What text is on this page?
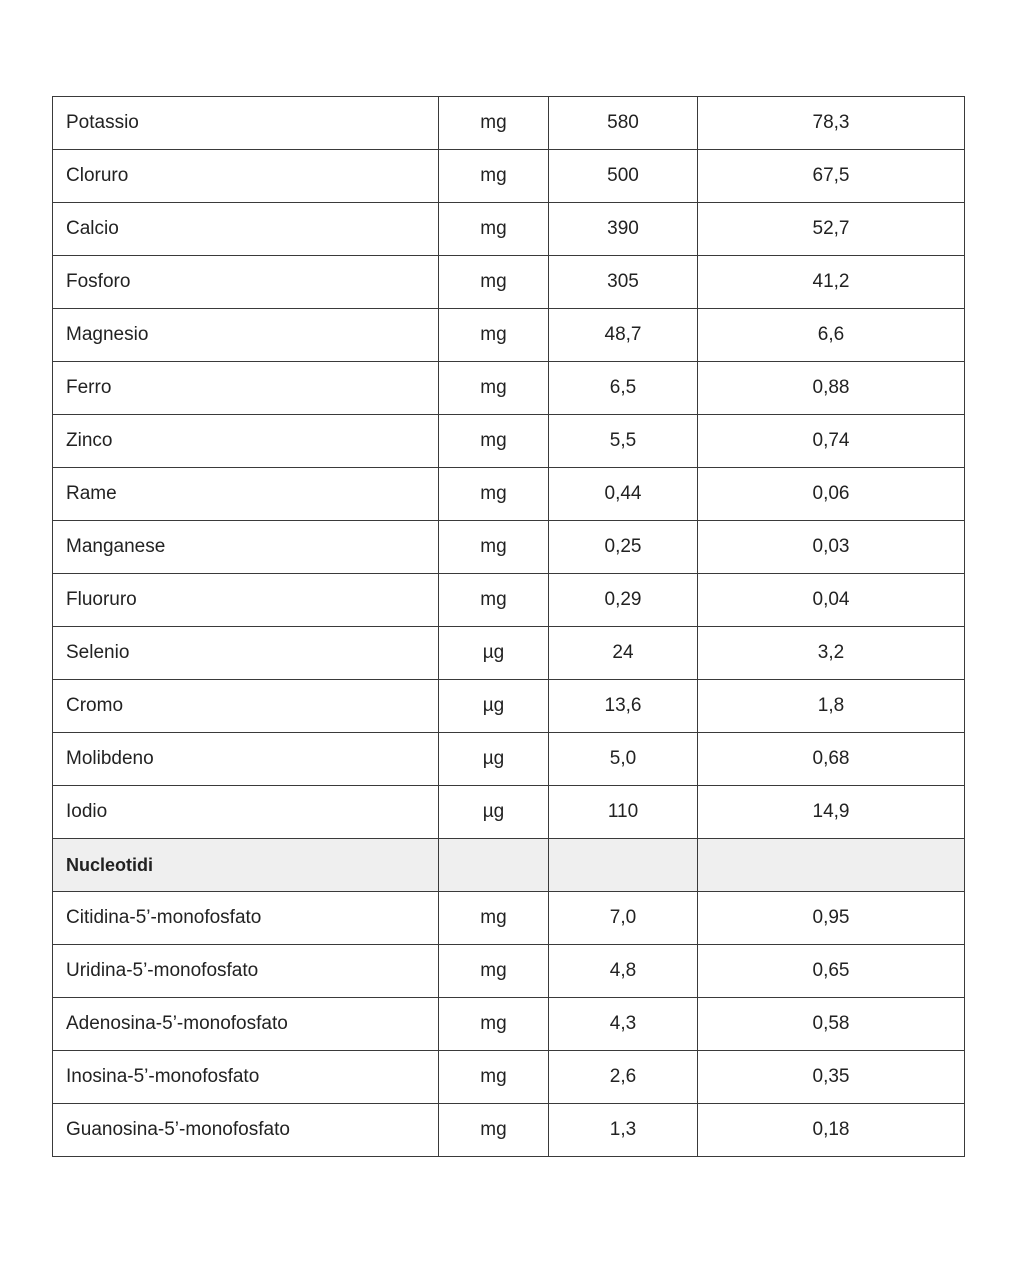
Potassio	mg	580	78,3
Cloruro	mg	500	67,5
Calcio	mg	390	52,7
Fosforo	mg	305	41,2
Magnesio	mg	48,7	6,6
Ferro	mg	6,5	0,88
Zinco	mg	5,5	0,74
Rame	mg	0,44	0,06
Manganese	mg	0,25	0,03
Fluoruro	mg	0,29	0,04
Selenio	µg	24	3,2
Cromo	µg	13,6	1,8
Molibdeno	µg	5,0	0,68
Iodio	µg	110	14,9
Nucleotidi			
Citidina-5’-monofosfato	mg	7,0	0,95
Uridina-5’-monofosfato	mg	4,8	0,65
Adenosina-5’-monofosfato	mg	4,3	0,58
Inosina-5’-monofosfato	mg	2,6	0,35
Guanosina-5’-monofosfato	mg	1,3	0,18
